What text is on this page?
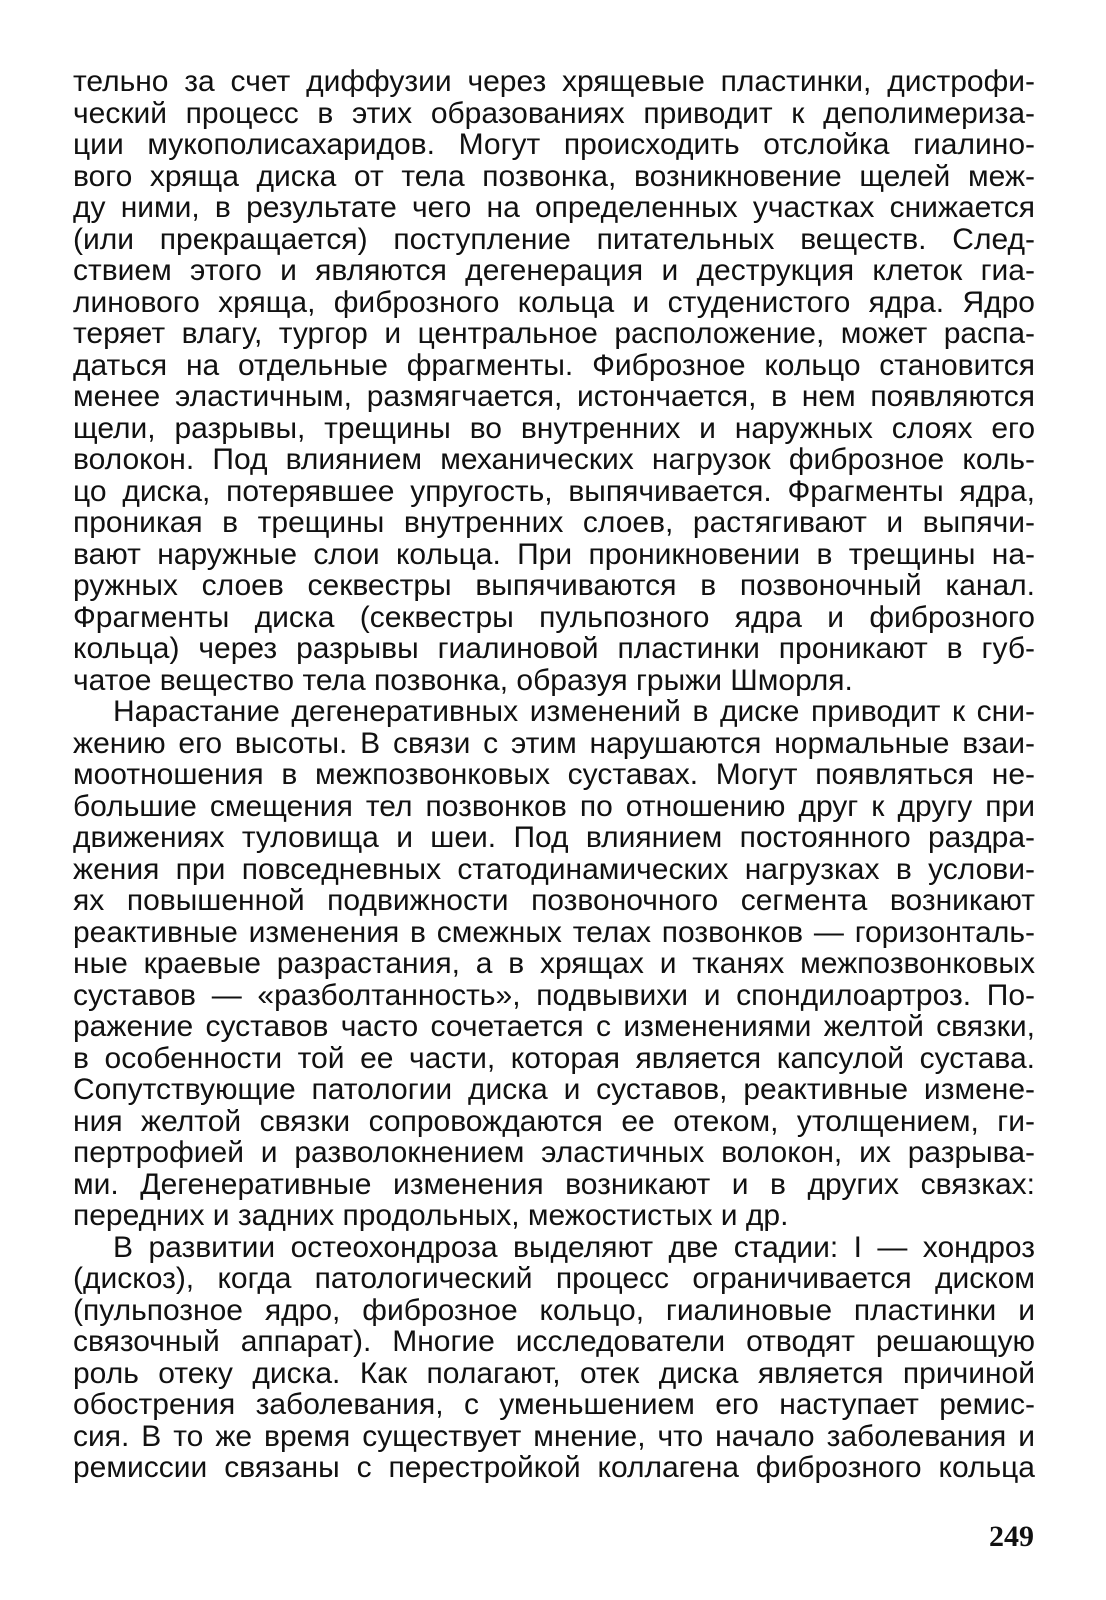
тельно за счет диффузии через хрящевые пластинки, дистрофи-
ческий процесс в этих образованиях приводит к деполимериза-
ции мукополисахаридов. Могут происходить отслойка гиалино-
вого хряща диска от тела позвонка, возникновение щелей меж-
ду ними, в результате чего на определенных участках снижается
(или прекращается) поступление питательных веществ. След-
ствием этого и являются дегенерация и деструкция клеток гиа-
линового хряща, фиброзного кольца и студенистого ядра. Ядро
теряет влагу, тургор и центральное расположение, может распа-
даться на отдельные фрагменты. Фиброзное кольцо становится
менее эластичным, размягчается, истончается, в нем появляются
щели, разрывы, трещины во внутренних и наружных слоях его
волокон. Под влиянием механических нагрузок фиброзное коль-
цо диска, потерявшее упругость, выпячивается. Фрагменты ядра,
проникая в трещины внутренних слоев, растягивают и выпячи-
вают наружные слои кольца. При проникновении в трещины на-
ружных слоев секвестры выпячиваются в позвоночный канал.
Фрагменты диска (секвестры пульпозного ядра и фиброзного
кольца) через разрывы гиалиновой пластинки проникают в губ-
чатое вещество тела позвонка, образуя грыжи Шморля.
Нарастание дегенеративных изменений в диске приводит к сни-
жению его высоты. В связи с этим нарушаются нормальные взаи-
моотношения в межпозвонковых суставах. Могут появляться не-
большие смещения тел позвонков по отношению друг к другу при
движениях туловища и шеи. Под влиянием постоянного раздра-
жения при повседневных статодинамических нагрузках в услови-
ях повышенной подвижности позвоночного сегмента возникают
реактивные изменения в смежных телах позвонков — горизонталь-
ные краевые разрастания, а в хрящах и тканях межпозвонковых
суставов — «разболтанность», подвывихи и спондилоартроз. По-
ражение суставов часто сочетается с изменениями желтой связки,
в особенности той ее части, которая является капсулой сустава.
Сопутствующие патологии диска и суставов, реактивные измене-
ния желтой связки сопровождаются ее отеком, утолщением, ги-
пертрофией и разволокнением эластичных волокон, их разрыва-
ми. Дегенеративные изменения возникают и в других связках:
передних и задних продольных, межостистых и др.
В развитии остеохондроза выделяют две стадии: I — хондроз
(дискоз), когда патологический процесс ограничивается диском
(пульпозное ядро, фиброзное кольцо, гиалиновые пластинки и
связочный аппарат). Многие исследователи отводят решающую
роль отеку диска. Как полагают, отек диска является причиной
обострения заболевания, с уменьшением его наступает ремис-
сия. В то же время существует мнение, что начало заболевания и
ремиссии связаны с перестройкой коллагена фиброзного кольца
249
